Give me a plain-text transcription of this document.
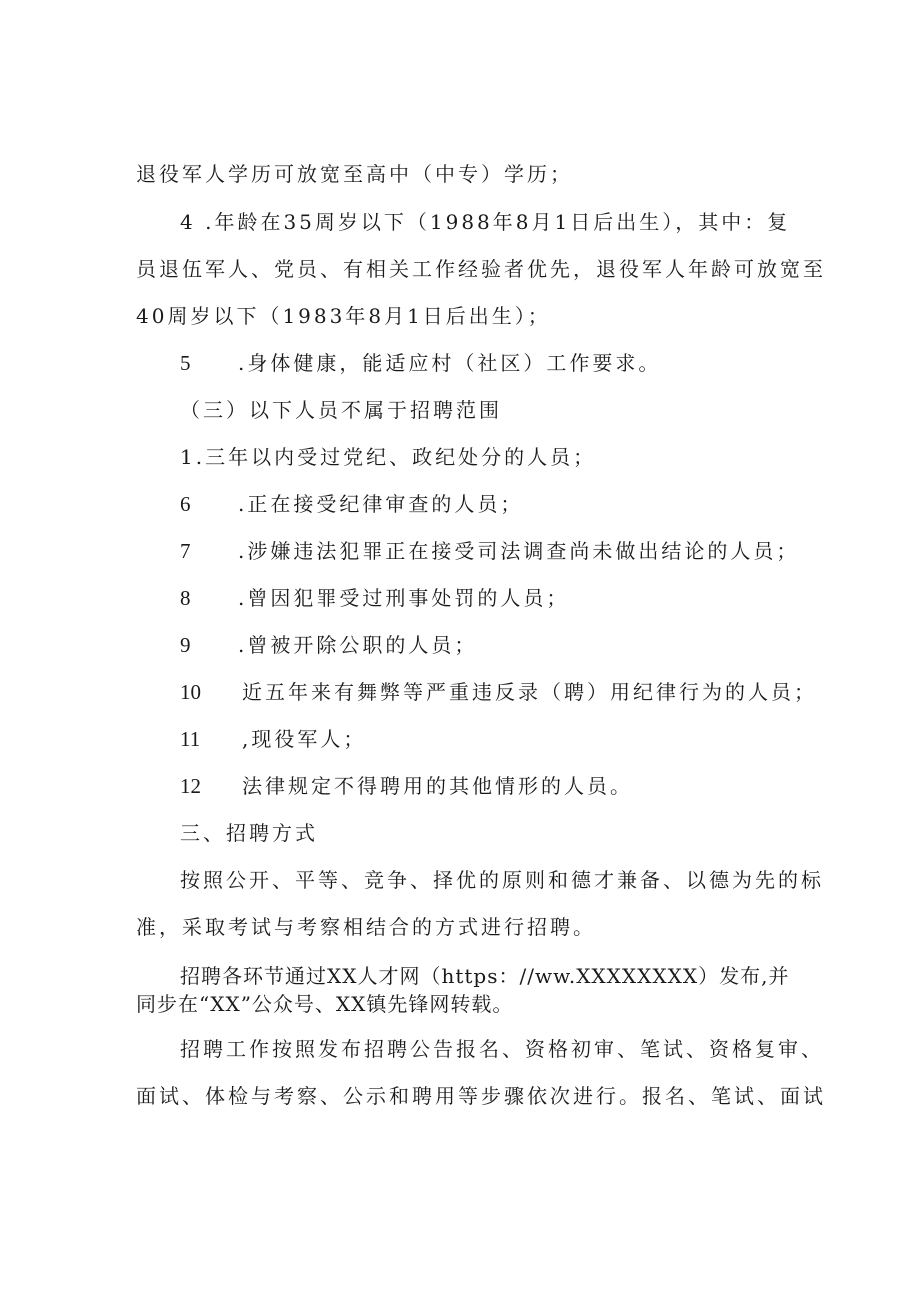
退役军人学历可放宽至高中（中专）学历；
4 .年龄在35周岁以下（1988年8月1日后出生），其中：复
员退伍军人、党员、有相关工作经验者优先，退役军人年龄可放宽至
40周岁以下（1983年8月1日后出生）；
5 .身体健康，能适应村（社区）工作要求。
（三）以下人员不属于招聘范围
1.三年以内受过党纪、政纪处分的人员；
6 .正在接受纪律审查的人员；
7 .涉嫌违法犯罪正在接受司法调查尚未做出结论的人员；
8 .曾因犯罪受过刑事处罚的人员；
9 .曾被开除公职的人员；
10 近五年来有舞弊等严重违反录（聘）用纪律行为的人员；
11 ,现役军人；
12 法律规定不得聘用的其他情形的人员。
三、招聘方式
按照公开、平等、竞争、择优的原则和德才兼备、以德为先的标
准，采取考试与考察相结合的方式进行招聘。
招聘各环节通过XX人才网（https：//ww.XXXXXXXX）发布,并
同步在“XX”公众号、XX镇先锋网转载。
招聘工作按照发布招聘公告报名、资格初审、笔试、资格复审、
面试、体检与考察、公示和聘用等步骤依次进行。报名、笔试、面试
